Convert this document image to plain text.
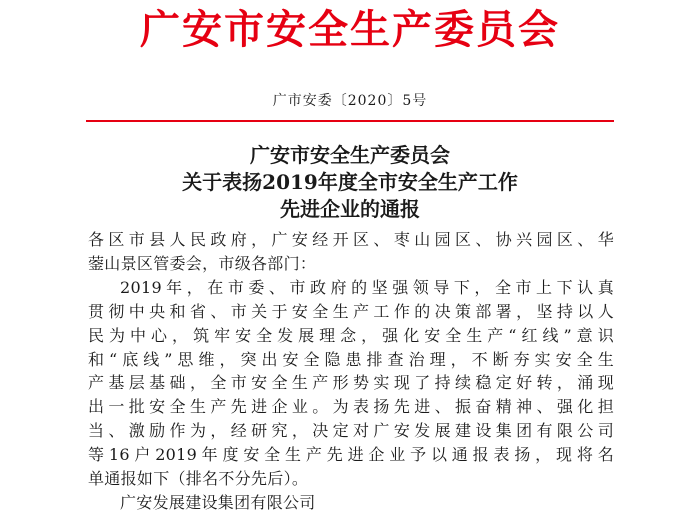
广安市安全生产委员会
广市安委〔2020〕5号
广安市安全生产委员会
关于表扬2019年度全市安全生产工作
先进企业的通报
各区市县人民政府，广安经开区、枣山园区、协兴园区、华
蓥山景区管委会，市级各部门：
2019年，在市委、市政府的坚强领导下，全市上下认真
贯彻中央和省、市关于安全生产工作的决策部署，坚持以人
民为中心，筑牢安全发展理念，强化安全生产“红线”意识
和“底线”思维，突出安全隐患排查治理，不断夯实安全生
产基层基础，全市安全生产形势实现了持续稳定好转，涌现
出一批安全生产先进企业。为表扬先进、振奋精神、强化担
当、激励作为，经研究，决定对广安发展建设集团有限公司
等16户2019年度安全生产先进企业予以通报表扬，现将名
单通报如下（排名不分先后）。
广安发展建设集团有限公司
